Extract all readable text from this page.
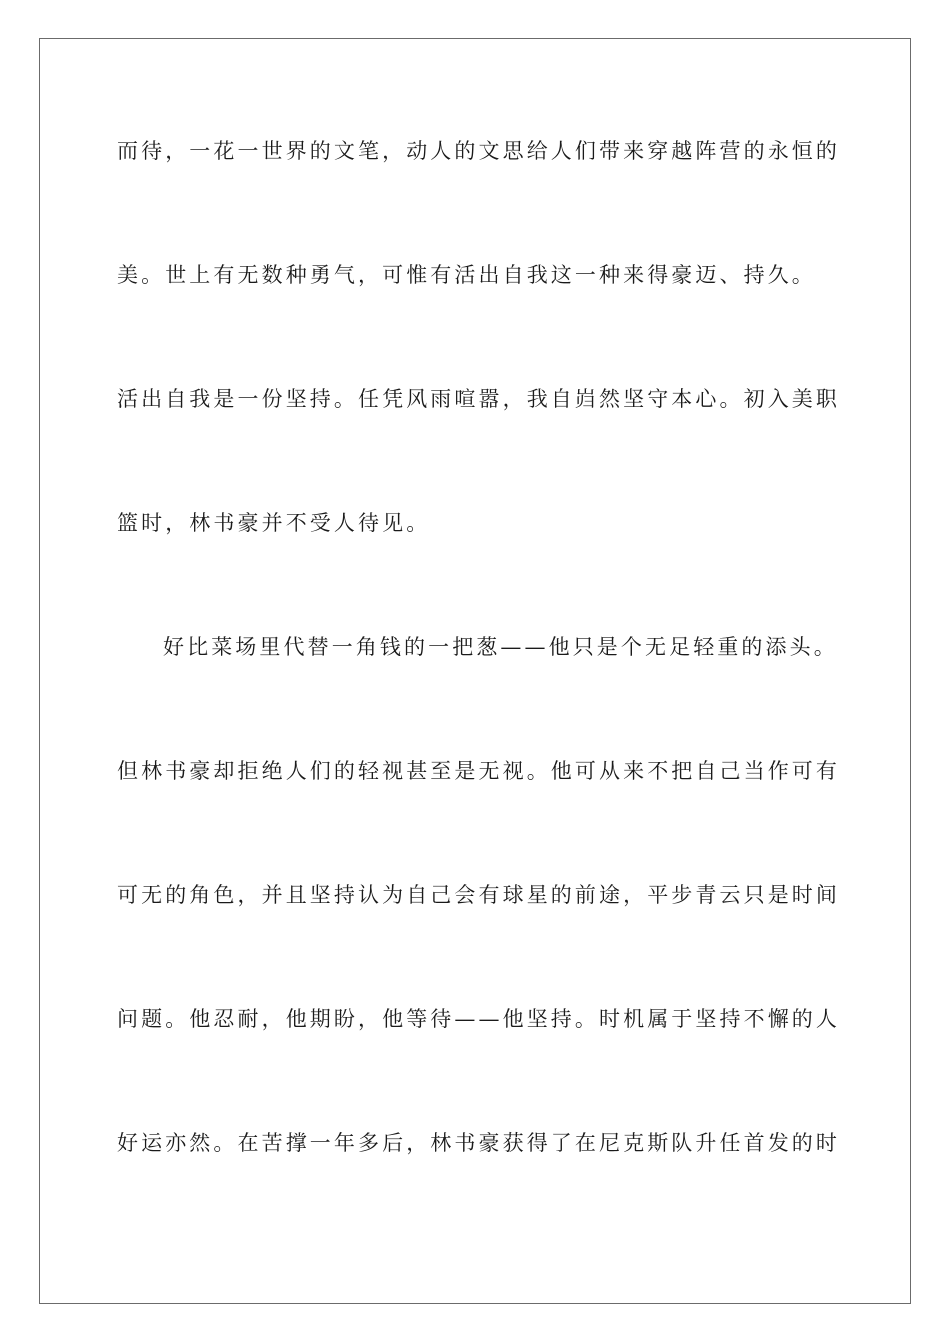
而待，一花一世界的文笔，动人的文思给人们带来穿越阵营的永恒的
美。世上有无数种勇气，可惟有活出自我这一种来得豪迈、持久。
活出自我是一份坚持。任凭风雨喧嚣，我自岿然坚守本心。初入美职
篮时，林书豪并不受人待见。
好比菜场里代替一角钱的一把葱——他只是个无足轻重的添头。
但林书豪却拒绝人们的轻视甚至是无视。他可从来不把自己当作可有
可无的角色，并且坚持认为自己会有球星的前途，平步青云只是时间
问题。他忍耐，他期盼，他等待——他坚持。时机属于坚持不懈的人
好运亦然。在苦撑一年多后，林书豪获得了在尼克斯队升任首发的时
